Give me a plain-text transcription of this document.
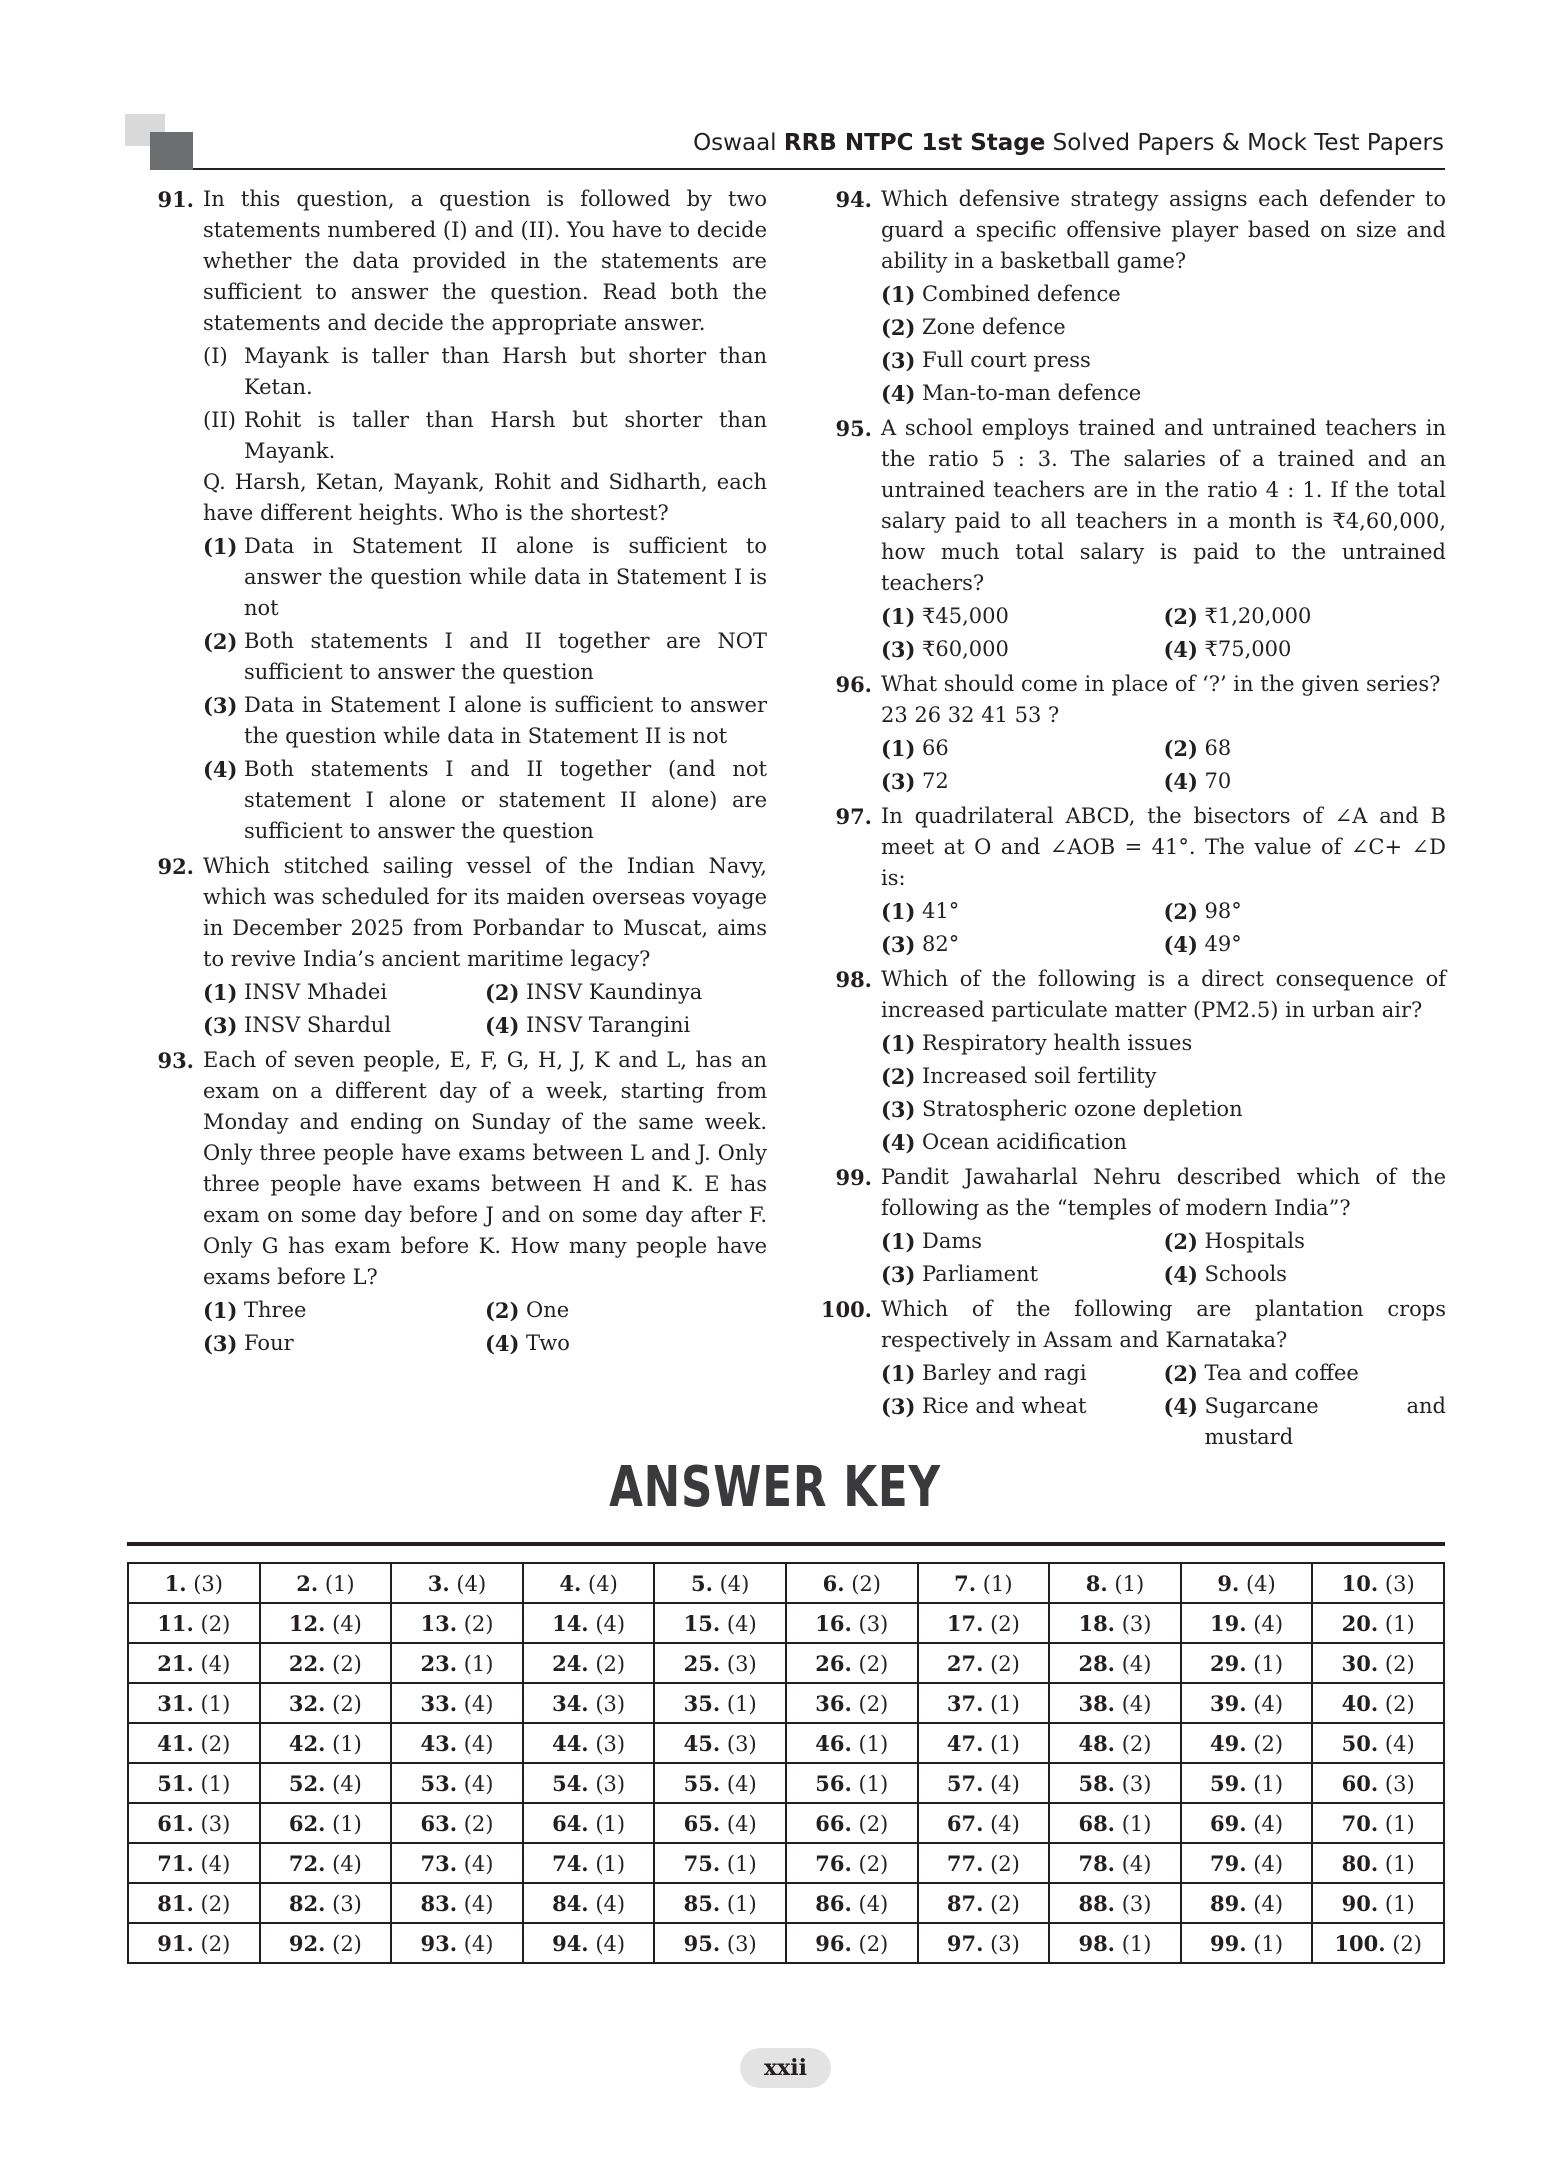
Oswaal RRB NTPC 1st Stage Solved Papers & Mock Test Papers
91. In this question, a question is followed by two statements numbered (I) and (II). You have to decide whether the data provided in the statements are sufficient to answer the question. Read both the statements and decide the appropriate answer.

(I) Mayank is taller than Harsh but shorter than Ketan.
(II) Rohit is taller than Harsh but shorter than Mayank.

Q. Harsh, Ketan, Mayank, Rohit and Sidharth, each have different heights. Who is the shortest?

(1) Data in Statement II alone is sufficient to answer the question while data in Statement I is not
(2) Both statements I and II together are NOT sufficient to answer the question
(3) Data in Statement I alone is sufficient to answer the question while data in Statement II is not
(4) Both statements I and II together (and not statement I alone or statement II alone) are sufficient to answer the question
92. Which stitched sailing vessel of the Indian Navy, which was scheduled for its maiden overseas voyage in December 2025 from Porbandar to Muscat, aims to revive India’s ancient maritime legacy?

(1) INSV Mhadei	(2) INSV Kaundinya
(3) INSV Shardul	(4) INSV Tarangini
93. Each of seven people, E, F, G, H, J, K and L, has an exam on a different day of a week, starting from Monday and ending on Sunday of the same week. Only three people have exams between L and J. Only three people have exams between H and K. E has exam on some day before J and on some day after F. Only G has exam before K. How many people have exams before L?

(1) Three	(2) One
(3) Four	(4) Two
94. Which defensive strategy assigns each defender to guard a specific offensive player based on size and ability in a basketball game?

(1) Combined defence
(2) Zone defence
(3) Full court press
(4) Man-to-man defence
95. A school employs trained and untrained teachers in the ratio 5 : 3. The salaries of a trained and an untrained teachers are in the ratio 4 : 1. If the total salary paid to all teachers in a month is ₹4,60,000, how much total salary is paid to the untrained teachers?

(1) ₹45,000	(2) ₹1,20,000
(3) ₹60,000	(4) ₹75,000
96. What should come in place of ‘?’ in the given series?

23 26 32 41 53 ?

(1) 66	(2) 68
(3) 72	(4) 70
97. In quadrilateral ABCD, the bisectors of ∠A and B meet at O and ∠AOB = 41°. The value of ∠C+ ∠D is:

(1) 41°	(2) 98°
(3) 82°	(4) 49°
98. Which of the following is a direct consequence of increased particulate matter (PM2.5) in urban air?

(1) Respiratory health issues
(2) Increased soil fertility
(3) Stratospheric ozone depletion
(4) Ocean acidification
99. Pandit Jawaharlal Nehru described which of the following as the “temples of modern India”?

(1) Dams	(2) Hospitals
(3) Parliament	(4) Schools
100. Which of the following are plantation crops respectively in Assam and Karnataka?

(1) Barley and ragi	(2) Tea and coffee
(3) Rice and wheat	(4) Sugarcane and mustard
ANSWER KEY
1. (3)	2. (1)	3. (4)	4. (4)	5. (4)	6. (2)	7. (1)	8. (1)	9. (4)	10. (3)
11. (2)	12. (4)	13. (2)	14. (4)	15. (4)	16. (3)	17. (2)	18. (3)	19. (4)	20. (1)
21. (4)	22. (2)	23. (1)	24. (2)	25. (3)	26. (2)	27. (2)	28. (4)	29. (1)	30. (2)
31. (1)	32. (2)	33. (4)	34. (3)	35. (1)	36. (2)	37. (1)	38. (4)	39. (4)	40. (2)
41. (2)	42. (1)	43. (4)	44. (3)	45. (3)	46. (1)	47. (1)	48. (2)	49. (2)	50. (4)
51. (1)	52. (4)	53. (4)	54. (3)	55. (4)	56. (1)	57. (4)	58. (3)	59. (1)	60. (3)
61. (3)	62. (1)	63. (2)	64. (1)	65. (4)	66. (2)	67. (4)	68. (1)	69. (4)	70. (1)
71. (4)	72. (4)	73. (4)	74. (1)	75. (1)	76. (2)	77. (2)	78. (4)	79. (4)	80. (1)
81. (2)	82. (3)	83. (4)	84. (4)	85. (1)	86. (4)	87. (2)	88. (3)	89. (4)	90. (1)
91. (2)	92. (2)	93. (4)	94. (4)	95. (3)	96. (2)	97. (3)	98. (1)	99. (1)	100. (2)
xxii
